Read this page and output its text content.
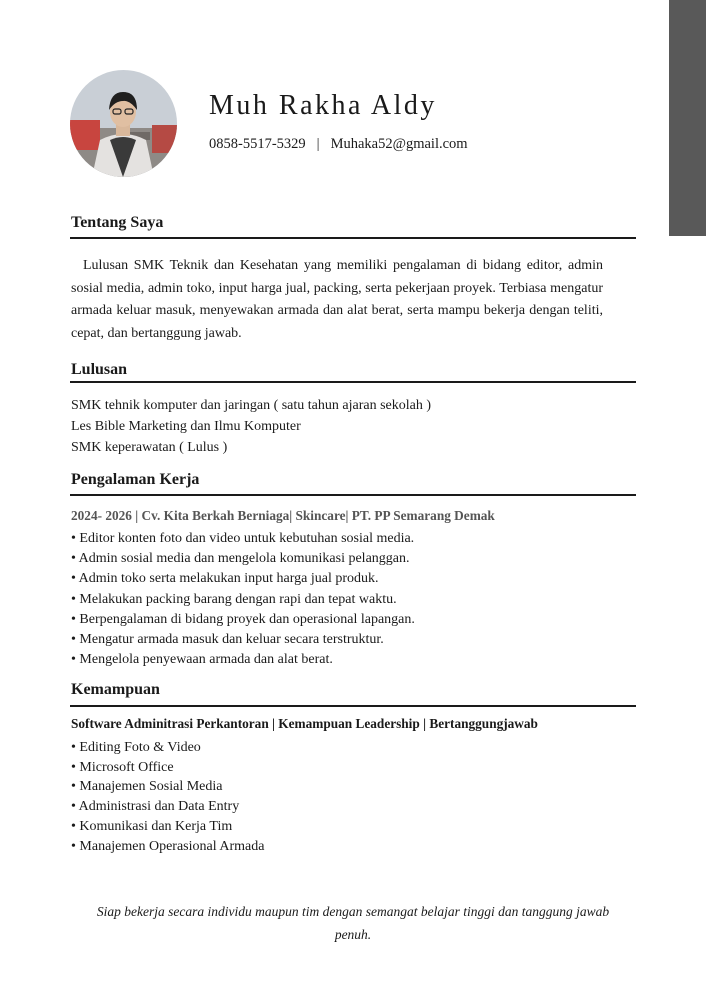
Muh Rakha Aldy
0858-5517-5329 | Muhaka52@gmail.com
Tentang Saya
Lulusan SMK Teknik dan Kesehatan yang memiliki pengalaman di bidang editor, admin sosial media, admin toko, input harga jual, packing, serta pekerjaan proyek. Terbiasa mengatur armada keluar masuk, menyewakan armada dan alat berat, serta mampu bekerja dengan teliti, cepat, dan bertanggung jawab.
Lulusan
SMK tehnik komputer dan jaringan ( satu tahun ajaran sekolah )
Les Bible Marketing dan Ilmu Komputer
SMK keperawatan ( Lulus )
Pengalaman Kerja
2024- 2026 | Cv. Kita Berkah Berniaga| Skincare| PT. PP Semarang Demak
• Editor konten foto dan video untuk kebutuhan sosial media.
• Admin sosial media dan mengelola komunikasi pelanggan.
• Admin toko serta melakukan input harga jual produk.
• Melakukan packing barang dengan rapi dan tepat waktu.
• Berpengalaman di bidang proyek dan operasional lapangan.
• Mengatur armada masuk dan keluar secara terstruktur.
• Mengelola penyewaan armada dan alat berat.
Kemampuan
Software Adminitrasi Perkantoran | Kemampuan Leadership | Bertanggungjawab
• Editing Foto & Video
• Microsoft Office
• Manajemen Sosial Media
• Administrasi dan Data Entry
• Komunikasi dan Kerja Tim
• Manajemen Operasional Armada
Siap bekerja secara individu maupun tim dengan semangat belajar tinggi dan tanggung jawab penuh.
